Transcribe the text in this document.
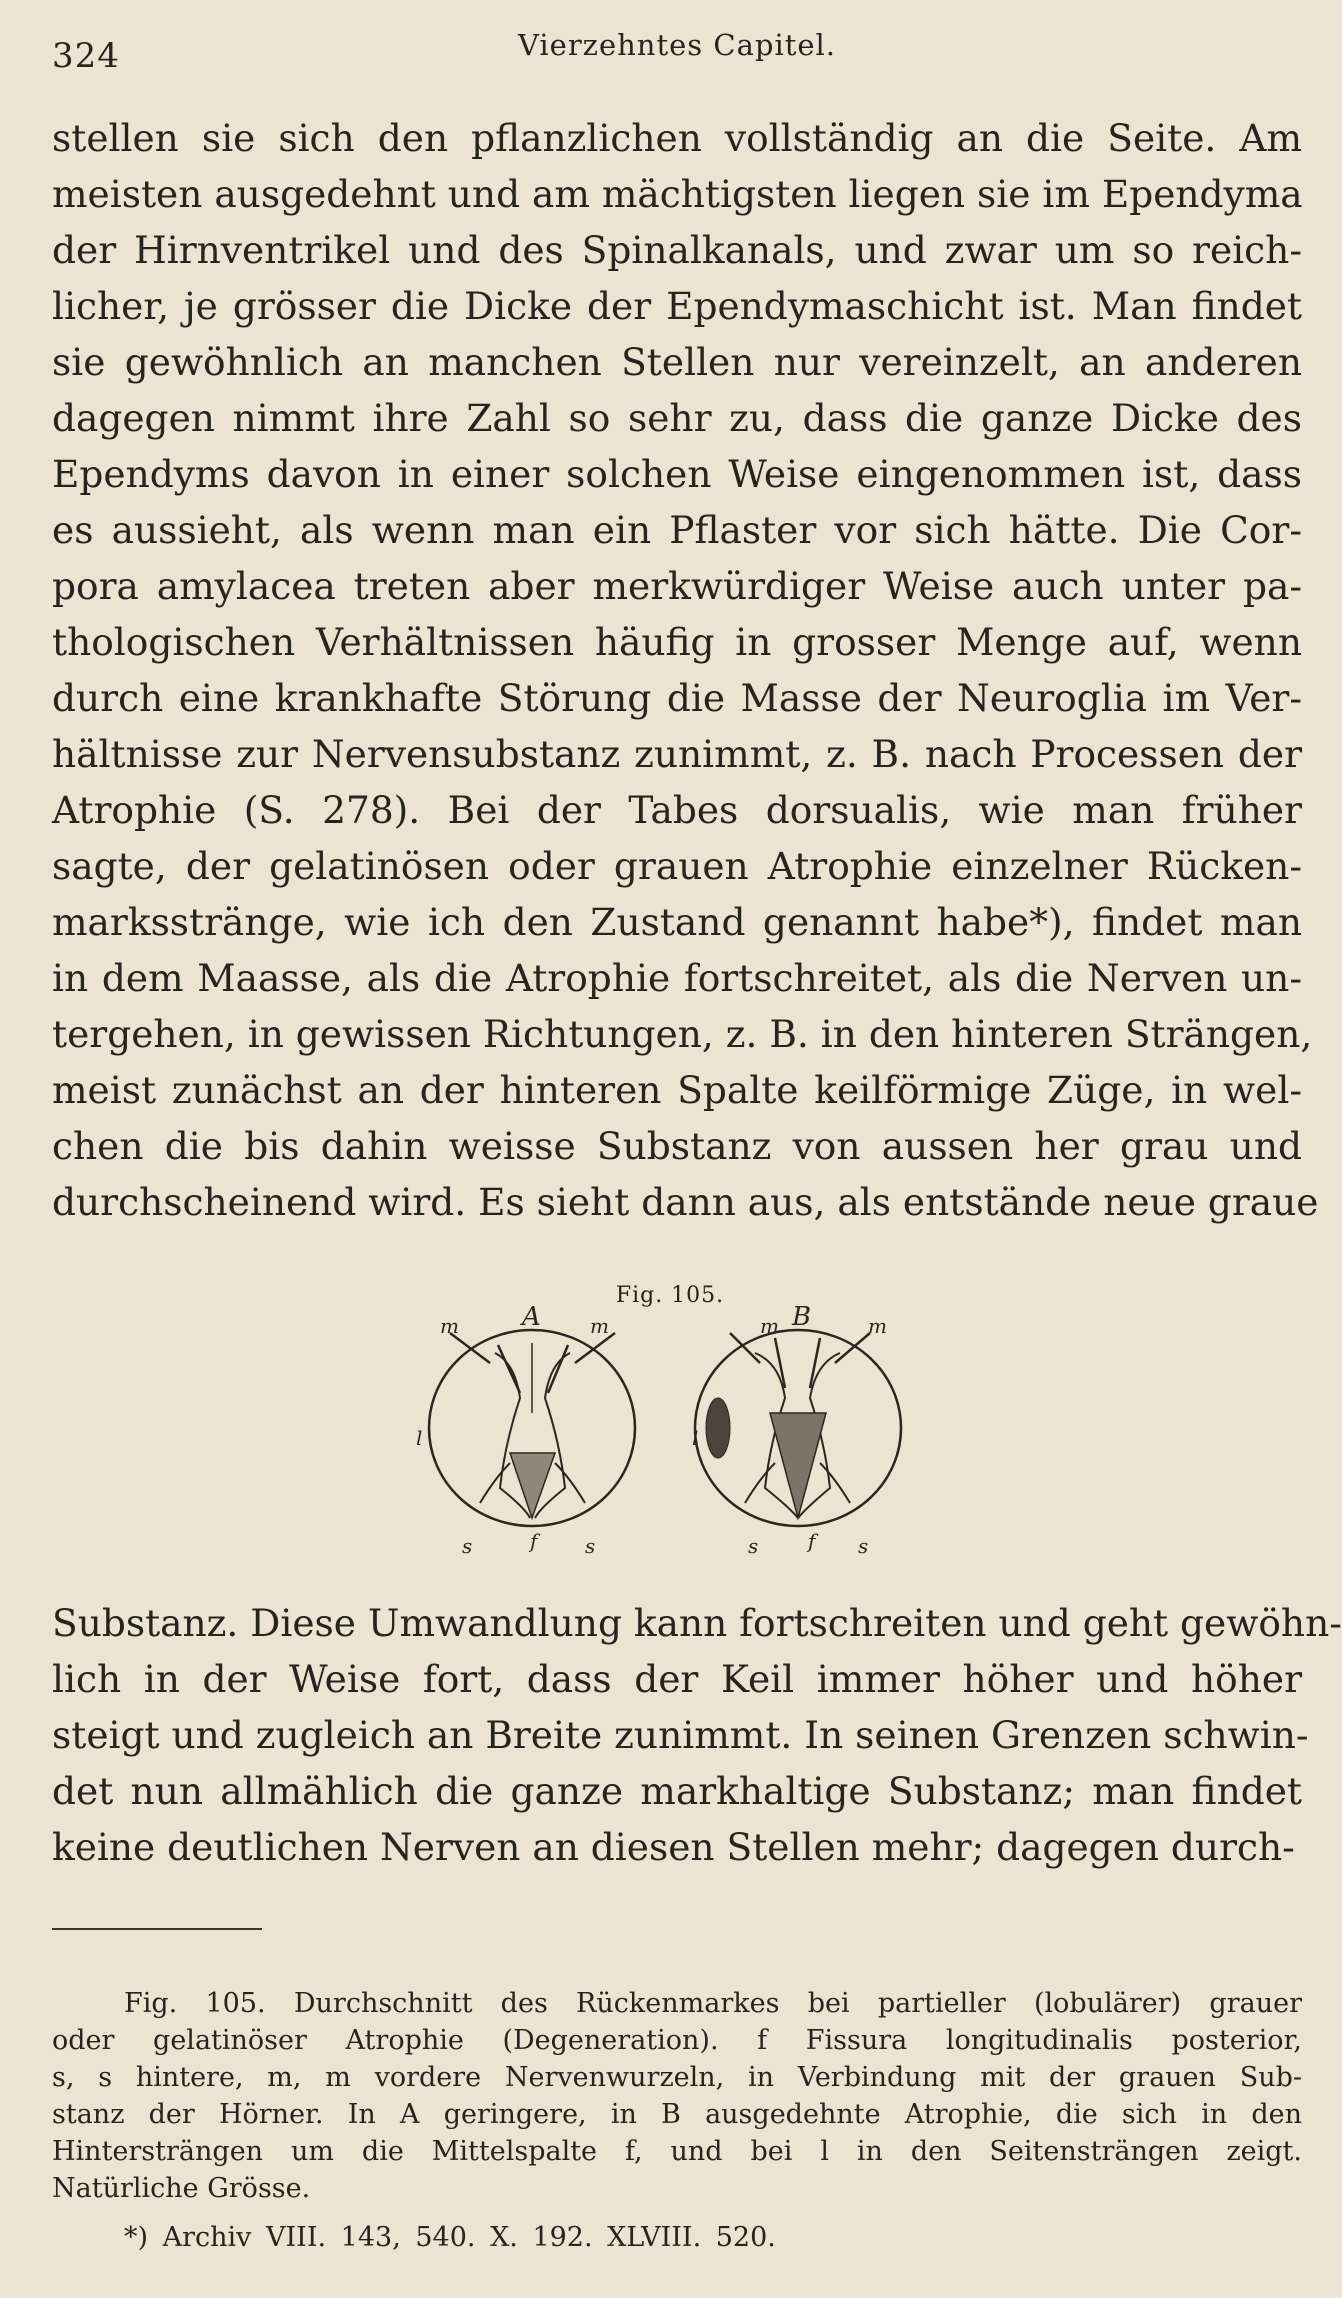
324	Vierzehntes Capitel.
stellen sie sich den pflanzlichen vollständig an die Seite. Am
meisten ausgedehnt und am mächtigsten liegen sie im Ependyma
der Hirnventrikel und des Spinalkanals, und zwar um so reich-
licher, je grösser die Dicke der Ependymaschicht ist. Man findet
sie gewöhnlich an manchen Stellen nur vereinzelt, an anderen
dagegen nimmt ihre Zahl so sehr zu, dass die ganze Dicke des
Ependyms davon in einer solchen Weise eingenommen ist, dass
es aussieht, als wenn man ein Pflaster vor sich hätte. Die Cor-
pora amylacea treten aber merkwürdiger Weise auch unter pa-
thologischen Verhältnissen häufig in grosser Menge auf, wenn
durch eine krankhafte Störung die Masse der Neuroglia im Ver-
hältnisse zur Nervensubstanz zunimmt, z. B. nach Processen der
Atrophie (S. 278). Bei der Tabes dorsualis, wie man früher
sagte, der gelatinösen oder grauen Atrophie einzelner Rücken-
marksstränge, wie ich den Zustand genannt habe*), findet man
in dem Maasse, als die Atrophie fortschreitet, als die Nerven un-
tergehen, in gewissen Richtungen, z. B. in den hinteren Strängen,
meist zunächst an der hinteren Spalte keilförmige Züge, in wel-
chen die bis dahin weisse Substanz von aussen her grau und
durchscheinend wird. Es sieht dann aus, als entstände neue graue
Fig. 105.
A
m	m
l
s	f s
B
m	m
l
s f s
Substanz. Diese Umwandlung kann fortschreiten und geht gewöhn-
lich in der Weise fort, dass der Keil immer höher und höher
steigt und zugleich an Breite zunimmt. In seinen Grenzen schwin-
det nun allmählich die ganze markhaltige Substanz; man findet
keine deutlichen Nerven an diesen Stellen mehr; dagegen durch-
Fig. 105. Durchschnitt des Rückenmarkes bei partieller (lobulärer) grauer
oder gelatinöser Atrophie (Degeneration). f Fissura longitudinalis posterior,
s, s hintere, m, m vordere Nervenwurzeln, in Verbindung mit der grauen Sub-
stanz der Hörner. In A geringere, in B ausgedehnte Atrophie, die sich in den
Hintersträngen um die Mittelspalte f, und bei l in den Seitensträngen zeigt.
Natürliche Grösse.
*) Archiv VIII. 143, 540. X. 192. XLVIII. 520.
